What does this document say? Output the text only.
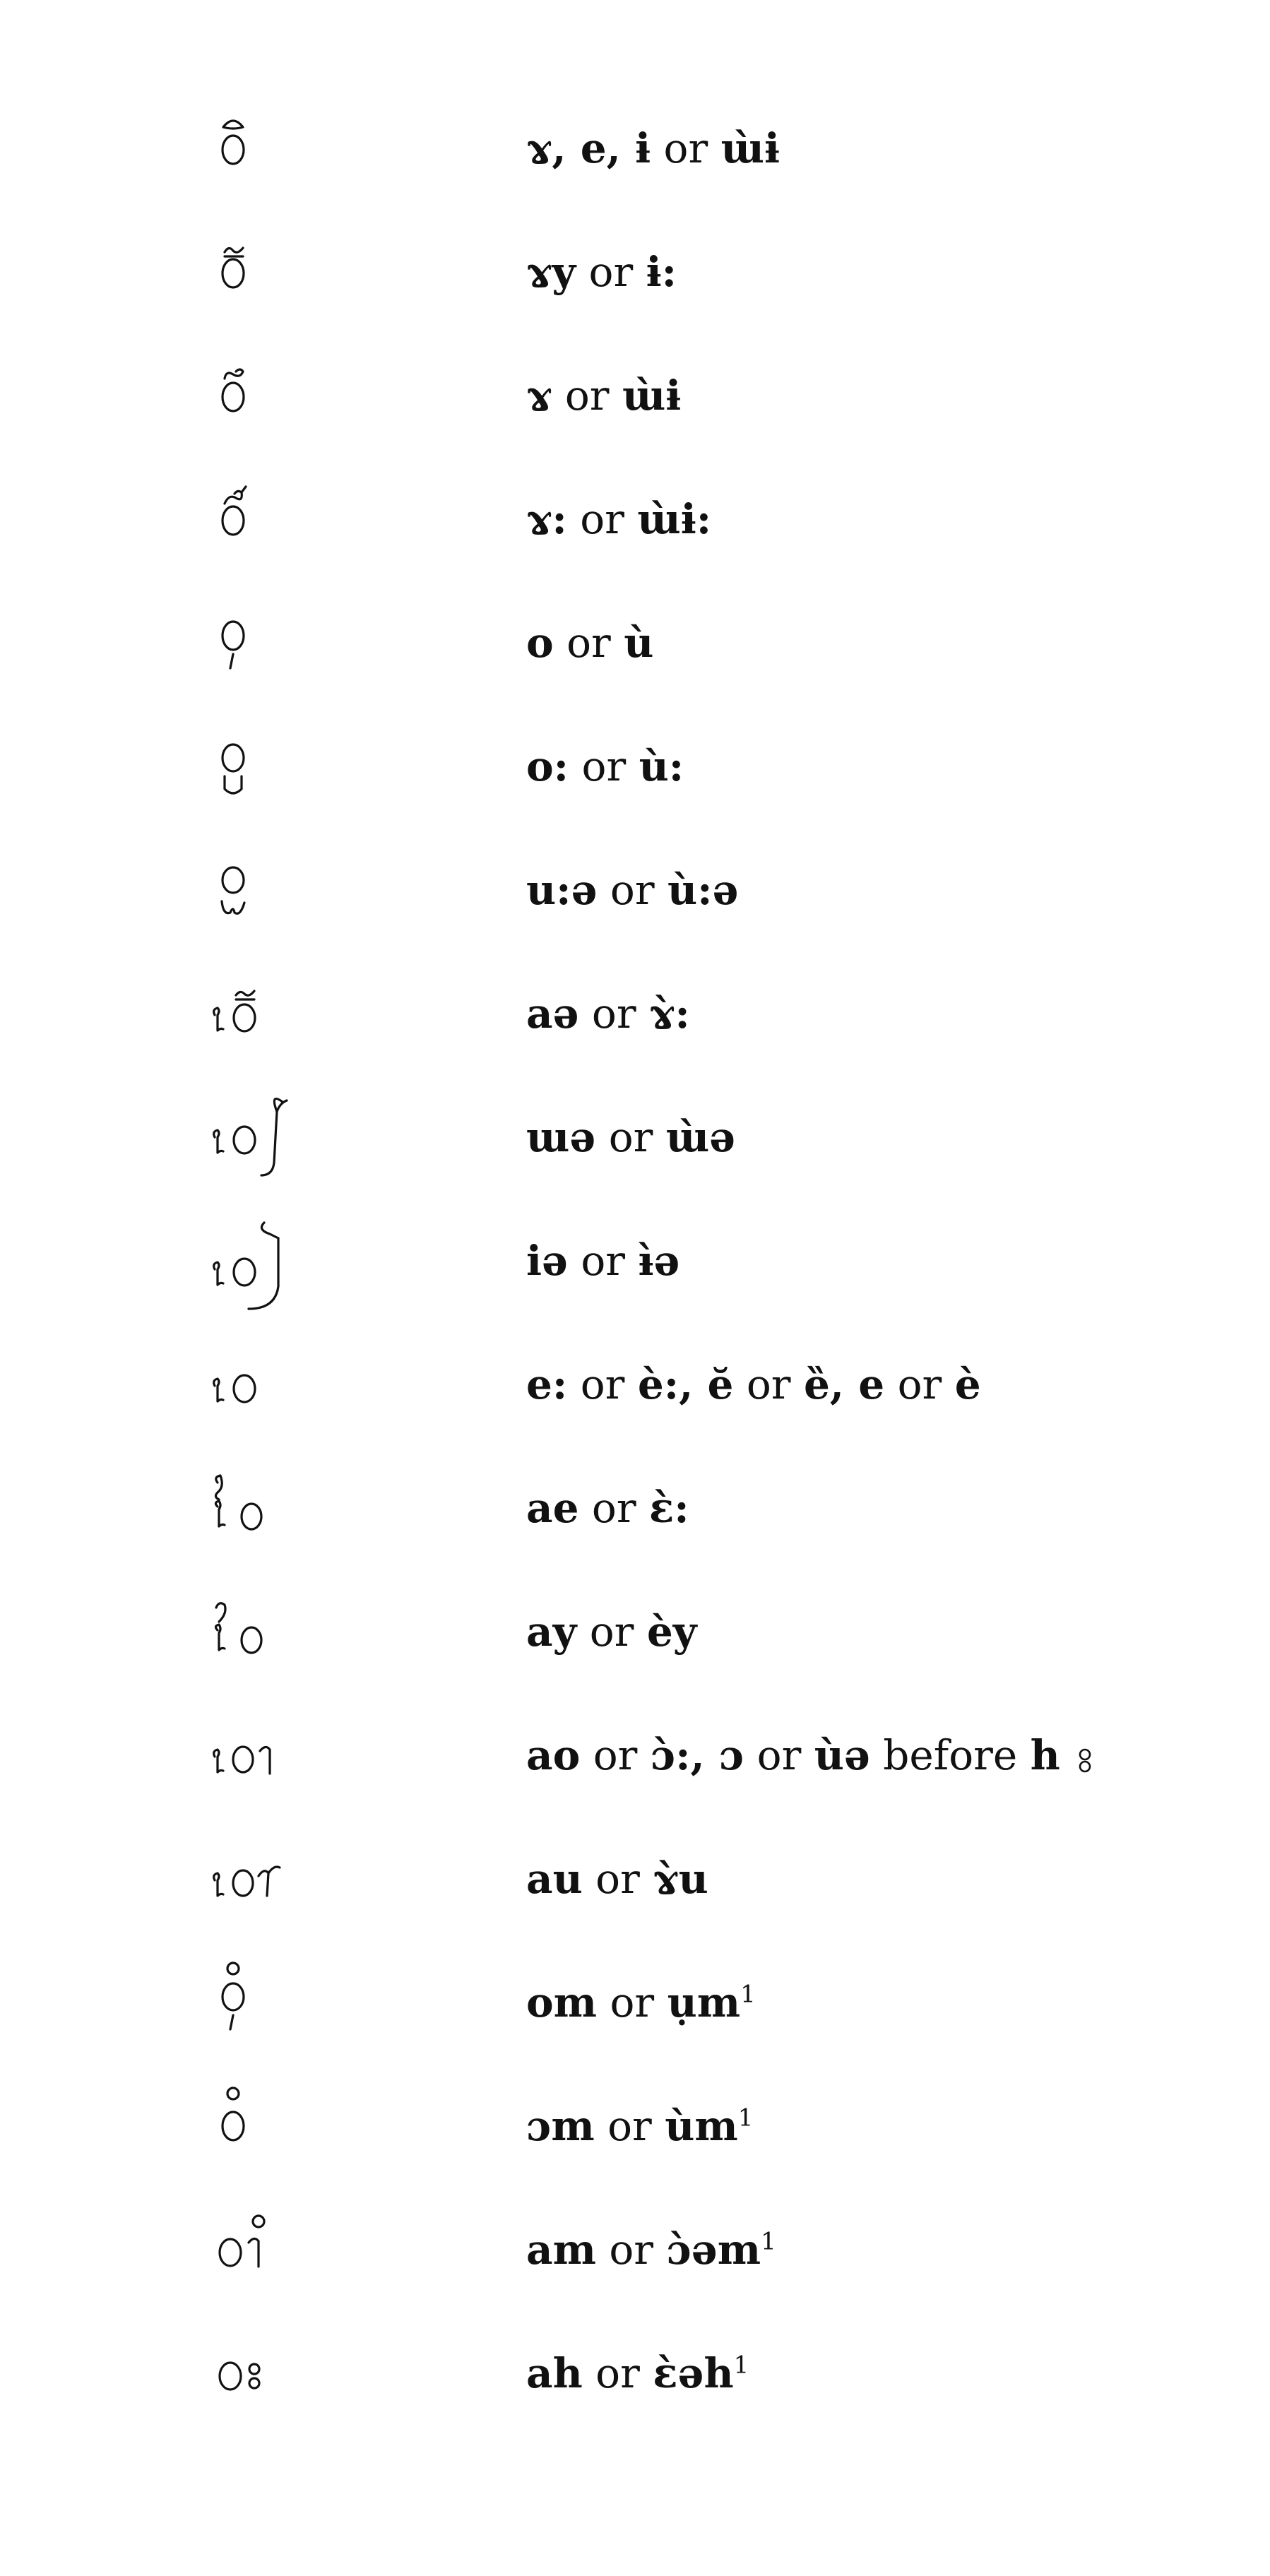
ɤ, e, ɨ or ɯ̀ɨ
ɤy or ɨ:
ɤ or ɯ̀ɨ
ɤ: or ɯ̀ɨ:
o or ù
o: or ù:
u:ə or ù:ə
aə or ɤ̀:
ɯə or ɯ̀ə
iə or ɨ̀ə
e: or è:, ĕ or ȅ, e or è
ae or ɛ̀:
ay or èy
ao or ɔ̀:, ɔ or ùə before h
au or ɤ̀u
om or ụm$^1$
ɔm or $ùm^1$
am or ɔ̀əm$^1$
ah or ɛ̀əh$^1$
